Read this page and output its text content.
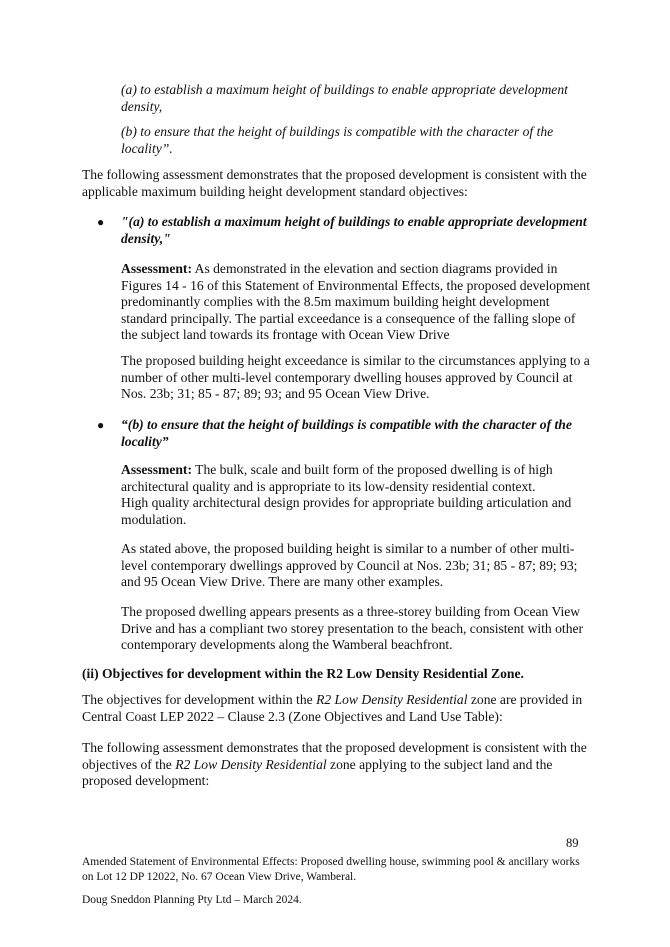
(a) to establish a maximum height of buildings to enable appropriate development density,

(b) to ensure that the height of buildings is compatible with the character of the locality”.

The following assessment demonstrates that the proposed development is consistent with the applicable maximum building height development standard objectives:

● "(a) to establish a maximum height of buildings to enable appropriate development density,"

Assessment: As demonstrated in the elevation and section diagrams provided in Figures 14 - 16 of this Statement of Environmental Effects, the proposed development predominantly complies with the 8.5m maximum building height development standard principally. The partial exceedance is a consequence of the falling slope of the subject land towards its frontage with Ocean View Drive

The proposed building height exceedance is similar to the circumstances applying to a number of other multi-level contemporary dwelling houses approved by Council at Nos. 23b; 31; 85 - 87; 89; 93; and 95 Ocean View Drive.

● “(b) to ensure that the height of buildings is compatible with the character of the locality”

Assessment: The bulk, scale and built form of the proposed dwelling is of high architectural quality and is appropriate to its low-density residential context.

High quality architectural design provides for appropriate building articulation and modulation.

As stated above, the proposed building height is similar to a number of other multi-level contemporary dwellings approved by Council at Nos. 23b; 31; 85 - 87; 89; 93; and 95 Ocean View Drive. There are many other examples.

The proposed dwelling appears presents as a three-storey building from Ocean View Drive and has a compliant two storey presentation to the beach, consistent with other contemporary developments along the Wamberal beachfront.

(ii) Objectives for development within the R2 Low Density Residential Zone.

The objectives for development within the R2 Low Density Residential zone are provided in Central Coast LEP 2022 – Clause 2.3 (Zone Objectives and Land Use Table):

The following assessment demonstrates that the proposed development is consistent with the objectives of the R2 Low Density Residential zone applying to the subject land and the proposed development:

89

Amended Statement of Environmental Effects: Proposed dwelling house, swimming pool & ancillary works on Lot 12 DP 12022, No. 67 Ocean View Drive, Wamberal.

Doug Sneddon Planning Pty Ltd – March 2024.
